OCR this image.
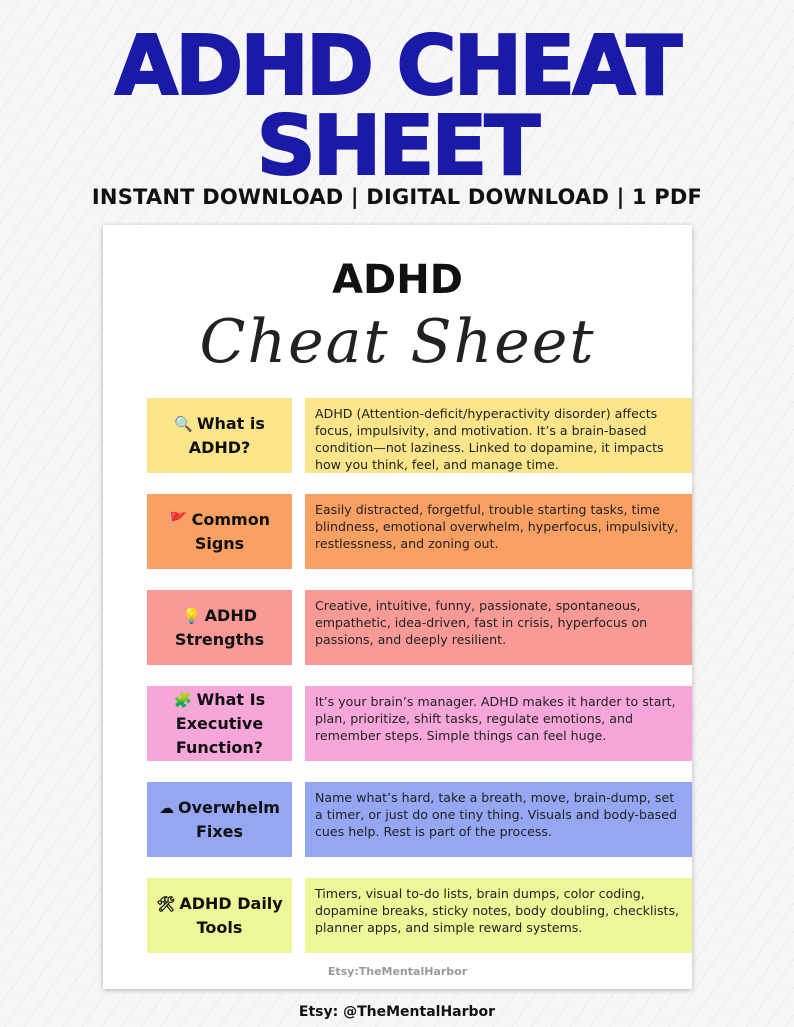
ADHD CHEAT
SHEET
INSTANT DOWNLOAD | DIGITAL DOWNLOAD | 1 PDF
ADHD
Cheat Sheet
🔍 What is ADHD?
ADHD (Attention-deficit/hyperactivity disorder) affects focus, impulsivity, and motivation. It’s a brain-based condition—not laziness. Linked to dopamine, it impacts how you think, feel, and manage time.
🚩 Common Signs
Easily distracted, forgetful, trouble starting tasks, time blindness, emotional overwhelm, hyperfocus, impulsivity, restlessness, and zoning out.
💡 ADHD Strengths
Creative, intuitive, funny, passionate, spontaneous, empathetic, idea-driven, fast in crisis, hyperfocus on passions, and deeply resilient.
🧩 What Is Executive Function?
It’s your brain’s manager. ADHD makes it harder to start, plan, prioritize, shift tasks, regulate emotions, and remember steps. Simple things can feel huge.
☁ Overwhelm Fixes
Name what’s hard, take a breath, move, brain-dump, set a timer, or just do one tiny thing. Visuals and body-based cues help. Rest is part of the process.
🛠 ADHD Daily Tools
Timers, visual to-do lists, brain dumps, color coding, dopamine breaks, sticky notes, body doubling, checklists, planner apps, and simple reward systems.
Etsy:TheMentalHarbor
Etsy: @TheMentalHarbor
